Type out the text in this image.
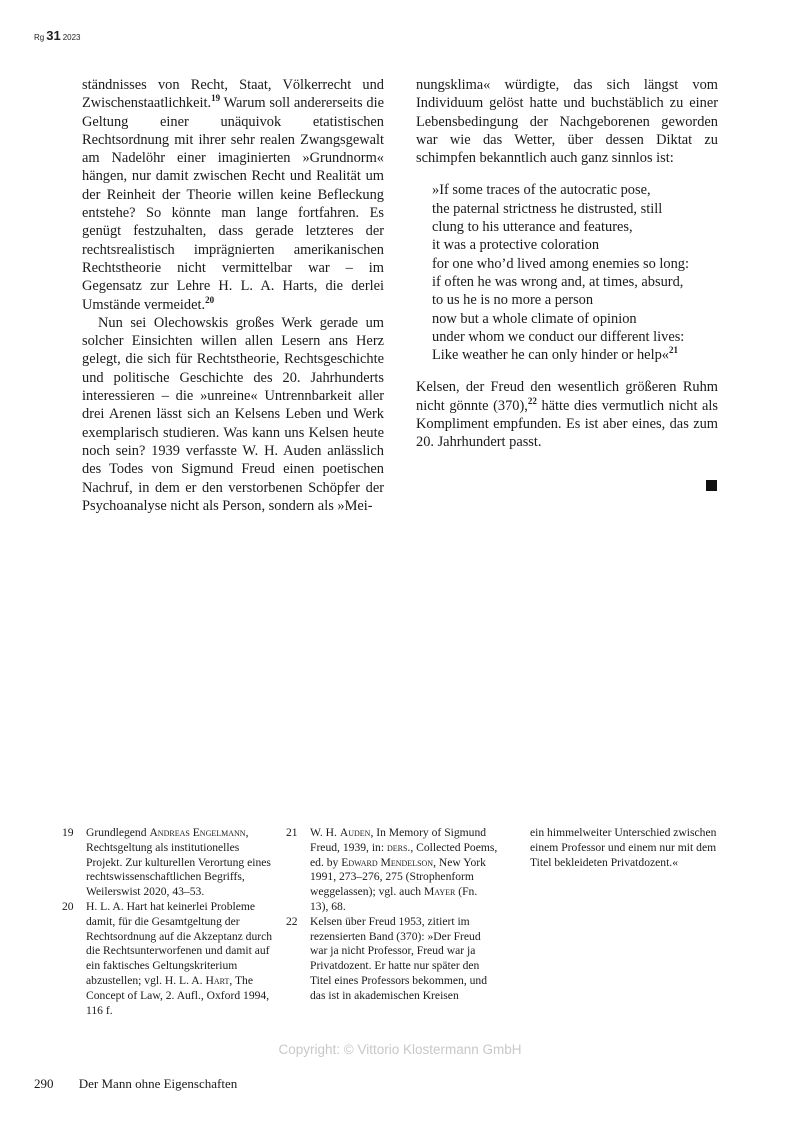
Rg 31 2023

ständnisses von Recht, Staat, Völkerrecht und Zwischenstaatlichkeit.$^{19}$ Warum soll andererseits die Geltung einer unäquivok etatistischen Rechtsordnung mit ihrer sehr realen Zwangsgewalt am Nadelöhr einer imaginierten »Grundnorm« hängen, nur damit zwischen Recht und Realität um der Reinheit der Theorie willen keine Befleckung entstehe? So könnte man lange fortfahren. Es genügt festzuhalten, dass gerade letzteres der rechtsrealistisch imprägnierten amerikanischen Rechtstheorie nicht vermittelbar war – im Gegensatz zur Lehre H. L. A. Harts, die derlei Umstände vermeidet.$^{20}$

Nun sei Olechowskis großes Werk gerade um solcher Einsichten willen allen Lesern ans Herz gelegt, die sich für Rechtstheorie, Rechtsgeschichte und politische Geschichte des 20. Jahrhunderts interessieren – die »unreine« Untrennbarkeit aller drei Arenen lässt sich an Kelsens Leben und Werk exemplarisch studieren. Was kann uns Kelsen heute noch sein? 1939 verfasste W. H. Auden anlässlich des Todes von Sigmund Freud einen poetischen Nachruf, in dem er den verstorbenen Schöpfer der Psychoanalyse nicht als Person, sondern als »Mei-

nungsklima« würdigte, das sich längst vom Individuum gelöst hatte und buchstäblich zu einer Lebensbedingung der Nachgeborenen geworden war wie das Wetter, über dessen Diktat zu schimpfen bekanntlich auch ganz sinnlos ist:

»If some traces of the autocratic pose,
the paternal strictness he distrusted, still
clung to his utterance and features,
it was a protective coloration
for one who’d lived among enemies so long:
if often he was wrong and, at times, absurd,
to us he is no more a person
now but a whole climate of opinion
under whom we conduct our different lives:
Like weather he can only hinder or help«$^{21}$

Kelsen, der Freud den wesentlich größeren Ruhm nicht gönnte (370),$^{22}$ hätte dies vermutlich nicht als Kompliment empfunden. Es ist aber eines, das zum 20. Jahrhundert passt.

19 Grundlegend Andreas Engelmann, Rechtsgeltung als institutionelles Projekt. Zur kulturellen Verortung eines rechtswissenschaftlichen Begriffs, Weilerswist 2020, 43–53.

20 H. L. A. Hart hat keinerlei Probleme damit, für die Gesamtgeltung der Rechtsordnung auf die Akzeptanz durch die Rechtsunterworfenen und damit auf ein faktisches Geltungskriterium abzustellen; vgl. H. L. A. Hart, The Concept of Law, 2. Aufl., Oxford 1994, 116 f.

21 W. H. Auden, In Memory of Sigmund Freud, 1939, in: ders., Collected Poems, ed. by Edward Mendelson, New York 1991, 273–276, 275 (Strophenform weggelassen); vgl. auch Mayer (Fn. 13), 68.

22 Kelsen über Freud 1953, zitiert im rezensierten Band (370): »Der Freud war ja nicht Professor, Freud war ja Privatdozent. Er hatte nur später den Titel eines Professors bekommen, und das ist in akademischen Kreisen

ein himmelweiter Unterschied zwischen einem Professor und einem nur mit dem Titel bekleideten Privatdozent.«

Copyright: © Vittorio Klostermann GmbH
290 Der Mann ohne Eigenschaften
